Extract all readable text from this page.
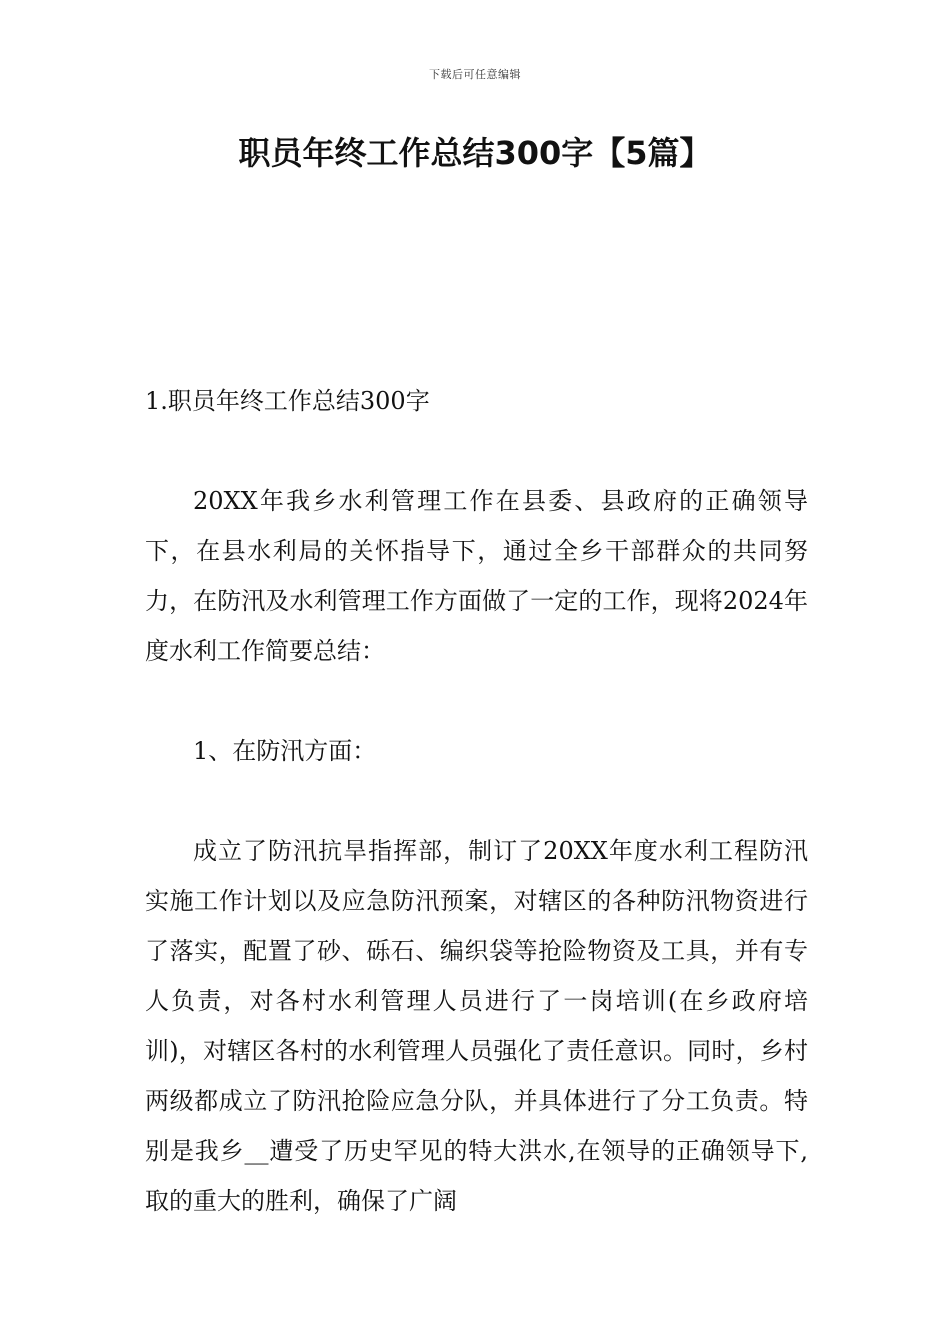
下载后可任意编辑
职员年终工作总结300字【5篇】

1.职员年终工作总结300字

20XX年我乡水利管理工作在县委、县政府的正确领导下，在县水利局的关怀指导下，通过全乡干部群众的共同努力，在防汛及水利管理工作方面做了一定的工作，现将2024年度水利工作简要总结：

1、在防汛方面：

成立了防汛抗旱指挥部，制订了20XX年度水利工程防汛实施工作计划以及应急防汛预案，对辖区的各种防汛物资进行了落实，配置了砂、砾石、编织袋等抢险物资及工具，并有专人负责，对各村水利管理人员进行了一岗培训(在乡政府培训)，对辖区各村的水利管理人员强化了责任意识。同时，乡村两级都成立了防汛抢险应急分队，并具体进行了分工负责。特别是我乡__遭受了历史罕见的特大洪水,在领导的正确领导下,取的重大的胜利，确保了广阔
